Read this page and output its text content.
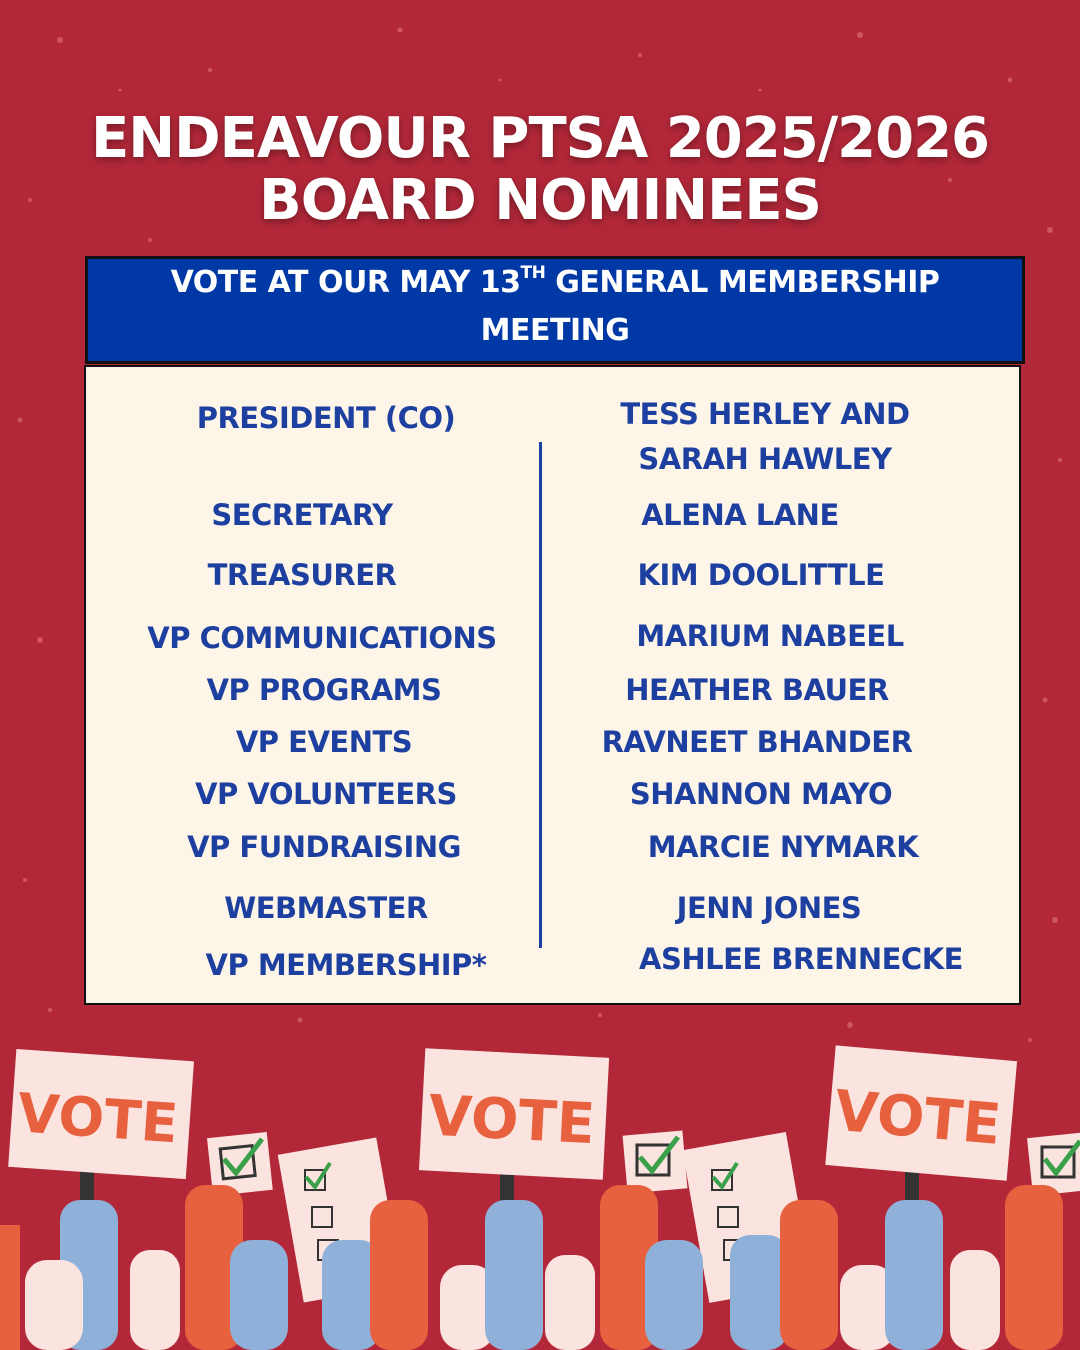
ENDEAVOUR PTSA 2025/2026
BOARD NOMINEES
VOTE AT OUR MAY 13TH GENERAL MEMBERSHIP
MEETING
PRESIDENT (CO)	TESS HERLEY AND
SARAH HAWLEY
SECRETARY	ALENA LANE
TREASURER	KIM DOOLITTLE
VP COMMUNICATIONS	MARIUM NABEEL
VP PROGRAMS	HEATHER BAUER
VP EVENTS	RAVNEET BHANDER
VP VOLUNTEERS	SHANNON MAYO
VP FUNDRAISING	MARCIE NYMARK
WEBMASTER	JENN JONES
VP MEMBERSHIP*	ASHLEE BRENNECKE
VOTE	VOTE	VOTE
